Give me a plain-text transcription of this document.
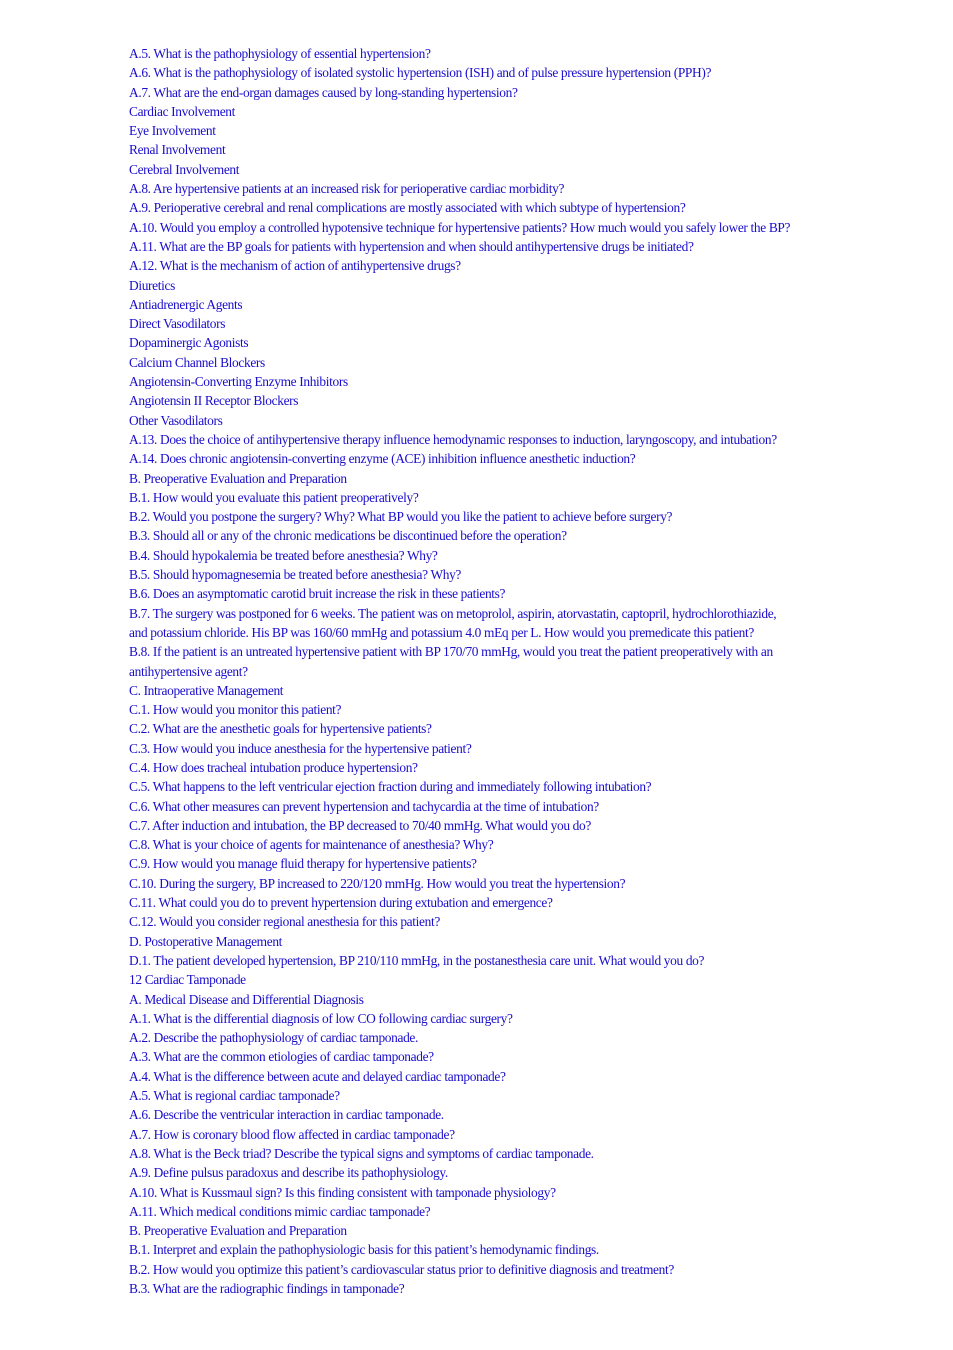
A.5. What is the pathophysiology of essential hypertension?
A.6. What is the pathophysiology of isolated systolic hypertension (ISH) and of pulse pressure hypertension (PPH)?
A.7. What are the end-organ damages caused by long-standing hypertension?
Cardiac Involvement
Eye Involvement
Renal Involvement
Cerebral Involvement
A.8. Are hypertensive patients at an increased risk for perioperative cardiac morbidity?
A.9. Perioperative cerebral and renal complications are mostly associated with which subtype of hypertension?
A.10. Would you employ a controlled hypotensive technique for hypertensive patients? How much would you safely lower the BP?
A.11. What are the BP goals for patients with hypertension and when should antihypertensive drugs be initiated?
A.12. What is the mechanism of action of antihypertensive drugs?
Diuretics
Antiadrenergic Agents
Direct Vasodilators
Dopaminergic Agonists
Calcium Channel Blockers
Angiotensin-Converting Enzyme Inhibitors
Angiotensin II Receptor Blockers
Other Vasodilators
A.13. Does the choice of antihypertensive therapy influence hemodynamic responses to induction, laryngoscopy, and intubation?
A.14. Does chronic angiotensin-converting enzyme (ACE) inhibition influence anesthetic induction?
B. Preoperative Evaluation and Preparation
B.1. How would you evaluate this patient preoperatively?
B.2. Would you postpone the surgery? Why? What BP would you like the patient to achieve before surgery?
B.3. Should all or any of the chronic medications be discontinued before the operation?
B.4. Should hypokalemia be treated before anesthesia? Why?
B.5. Should hypomagnesemia be treated before anesthesia? Why?
B.6. Does an asymptomatic carotid bruit increase the risk in these patients?
B.7. The surgery was postponed for 6 weeks. The patient was on metoprolol, aspirin, atorvastatin, captopril, hydrochlorothiazide,
and potassium chloride. His BP was 160/60 mmHg and potassium 4.0 mEq per L. How would you premedicate this patient?
B.8. If the patient is an untreated hypertensive patient with BP 170/70 mmHg, would you treat the patient preoperatively with an
antihypertensive agent?
C. Intraoperative Management
C.1. How would you monitor this patient?
C.2. What are the anesthetic goals for hypertensive patients?
C.3. How would you induce anesthesia for the hypertensive patient?
C.4. How does tracheal intubation produce hypertension?
C.5. What happens to the left ventricular ejection fraction during and immediately following intubation?
C.6. What other measures can prevent hypertension and tachycardia at the time of intubation?
C.7. After induction and intubation, the BP decreased to 70/40 mmHg. What would you do?
C.8. What is your choice of agents for maintenance of anesthesia? Why?
C.9. How would you manage fluid therapy for hypertensive patients?
C.10. During the surgery, BP increased to 220/120 mmHg. How would you treat the hypertension?
C.11. What could you do to prevent hypertension during extubation and emergence?
C.12. Would you consider regional anesthesia for this patient?
D. Postoperative Management
D.1. The patient developed hypertension, BP 210/110 mmHg, in the postanesthesia care unit. What would you do?
12 Cardiac Tamponade
A. Medical Disease and Differential Diagnosis
A.1. What is the differential diagnosis of low CO following cardiac surgery?
A.2. Describe the pathophysiology of cardiac tamponade.
A.3. What are the common etiologies of cardiac tamponade?
A.4. What is the difference between acute and delayed cardiac tamponade?
A.5. What is regional cardiac tamponade?
A.6. Describe the ventricular interaction in cardiac tamponade.
A.7. How is coronary blood flow affected in cardiac tamponade?
A.8. What is the Beck triad? Describe the typical signs and symptoms of cardiac tamponade.
A.9. Define pulsus paradoxus and describe its pathophysiology.
A.10. What is Kussmaul sign? Is this finding consistent with tamponade physiology?
A.11. Which medical conditions mimic cardiac tamponade?
B. Preoperative Evaluation and Preparation
B.1. Interpret and explain the pathophysiologic basis for this patient’s hemodynamic findings.
B.2. How would you optimize this patient’s cardiovascular status prior to definitive diagnosis and treatment?
B.3. What are the radiographic findings in tamponade?
